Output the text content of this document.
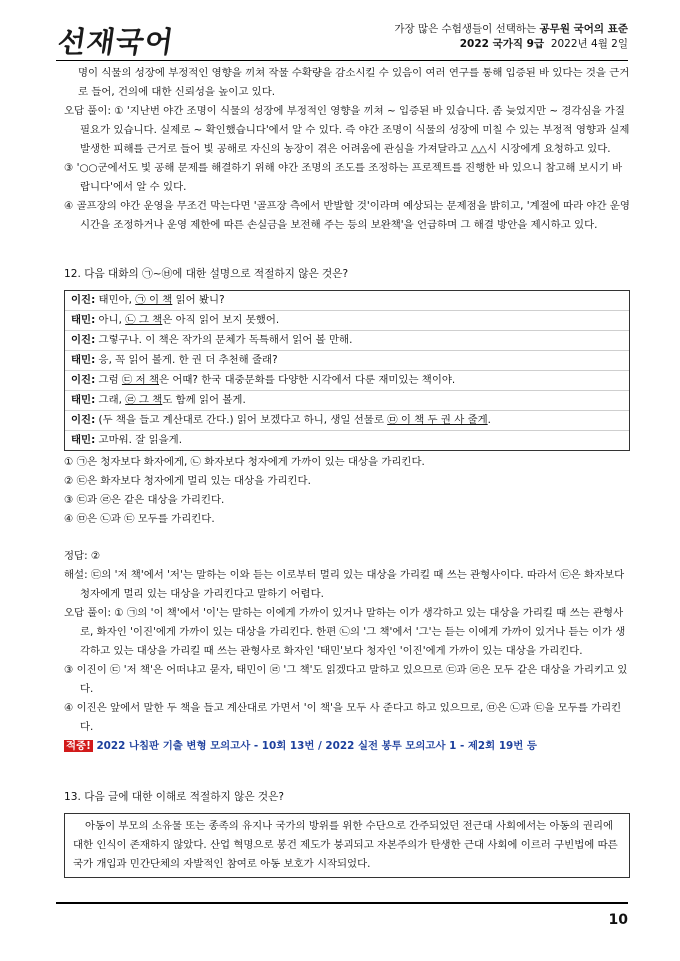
선재국어	가장 많은 수험생들이 선택하는 공무원 국어의 표준
2022 국가직 9급 2022년 4월 2일

명이 식물의 성장에 부정적인 영향을 끼쳐 작물 수확량을 감소시킬 수 있음이 여러 연구를 통해 입증된 바 있다는 것을 근거로 들어, 건의에 대한 신뢰성을 높이고 있다.

오답 풀이: ① '지난번 야간 조명이 식물의 성장에 부정적인 영향을 끼쳐 ~ 입증된 바 있습니다. 좀 늦었지만 ~ 경각심을 가질 필요가 있습니다. 실제로 ~ 확인했습니다'에서 알 수 있다. 즉 야간 조명이 식물의 성장에 미칠 수 있는 부정적 영향과 실제 발생한 피해를 근거로 들어 빛 공해로 자신의 농장이 겪은 어려움에 관심을 가져달라고 △△시 시장에게 요청하고 있다.

③ '○○군에서도 빛 공해 문제를 해결하기 위해 야간 조명의 조도를 조정하는 프로젝트를 진행한 바 있으니 참고해 보시기 바랍니다'에서 알 수 있다.

④ 골프장의 야간 운영을 무조건 막는다면 '골프장 측에서 반발할 것'이라며 예상되는 문제점을 밝히고, '계절에 따라 야간 운영 시간을 조정하거나 운영 제한에 따른 손실금을 보전해 주는 등의 보완책'을 언급하며 그 해결 방안을 제시하고 있다.

12. 다음 대화의 ㉠~㉥에 대한 설명으로 적절하지 않은 것은?

이진: 태민아, ㉠ 이 책 읽어 봤니?
태민: 아니, ㉡ 그 책은 아직 읽어 보지 못했어.
이진: 그렇구나. 이 책은 작가의 문체가 독특해서 읽어 볼 만해.
태민: 응, 꼭 읽어 볼게. 한 권 더 추천해 줄래?
이진: 그럼 ㉢ 저 책은 어때? 한국 대중문화를 다양한 시각에서 다룬 재미있는 책이야.
태민: 그래, ㉣ 그 책도 함께 읽어 볼게.
이진: (두 책을 들고 계산대로 간다.) 읽어 보겠다고 하니, 생일 선물로 ㉤ 이 책 두 권 사 줄게.
태민: 고마워. 잘 읽을게.

① ㉠은 청자보다 화자에게, ㉡ 화자보다 청자에게 가까이 있는 대상을 가리킨다.

② ㉢은 화자보다 청자에게 멀리 있는 대상을 가리킨다.

③ ㉢과 ㉣은 같은 대상을 가리킨다.

④ ㉤은 ㉡과 ㉢ 모두를 가리킨다.

정답: ②

해설: ㉢의 '저 책'에서 '저'는 말하는 이와 듣는 이로부터 멀리 있는 대상을 가리킬 때 쓰는 관형사이다. 따라서 ㉢은 화자보다 청자에게 멀리 있는 대상을 가리킨다고 말하기 어렵다.

오답 풀이: ① ㉠의 '이 책'에서 '이'는 말하는 이에게 가까이 있거나 말하는 이가 생각하고 있는 대상을 가리킬 때 쓰는 관형사로, 화자인 '이진'에게 가까이 있는 대상을 가리킨다. 한편 ㉡의 '그 책'에서 '그'는 듣는 이에게 가까이 있거나 듣는 이가 생각하고 있는 대상을 가리킬 때 쓰는 관형사로 화자인 '태민'보다 청자인 '이진'에게 가까이 있는 대상을 가리킨다.

③ 이진이 ㉢ '저 책'은 어떠냐고 묻자, 태민이 ㉣ '그 책'도 읽겠다고 말하고 있으므로 ㉢과 ㉣은 모두 같은 대상을 가리키고 있다.

④ 이진은 앞에서 말한 두 책을 들고 계산대로 가면서 '이 책'을 모두 사 준다고 하고 있으므로, ㉤은 ㉡과 ㉢을 모두를 가리킨다.

적중! 2022 나침판 기출 변형 모의고사 - 10회 13번 / 2022 실전 봉투 모의고사 1 - 제2회 19번 등

13. 다음 글에 대한 이해로 적절하지 않은 것은?

아동이 부모의 소유물 또는 종족의 유지나 국가의 방위를 위한 수단으로 간주되었던 전근대 사회에서는 아동의 권리에 대한 인식이 존재하지 않았다. 산업 혁명으로 봉건 제도가 붕괴되고 자본주의가 탄생한 근대 사회에 이르러 구빈법에 따른 국가 개입과 민간단체의 자발적인 참여로 아동 보호가 시작되었다.
10
